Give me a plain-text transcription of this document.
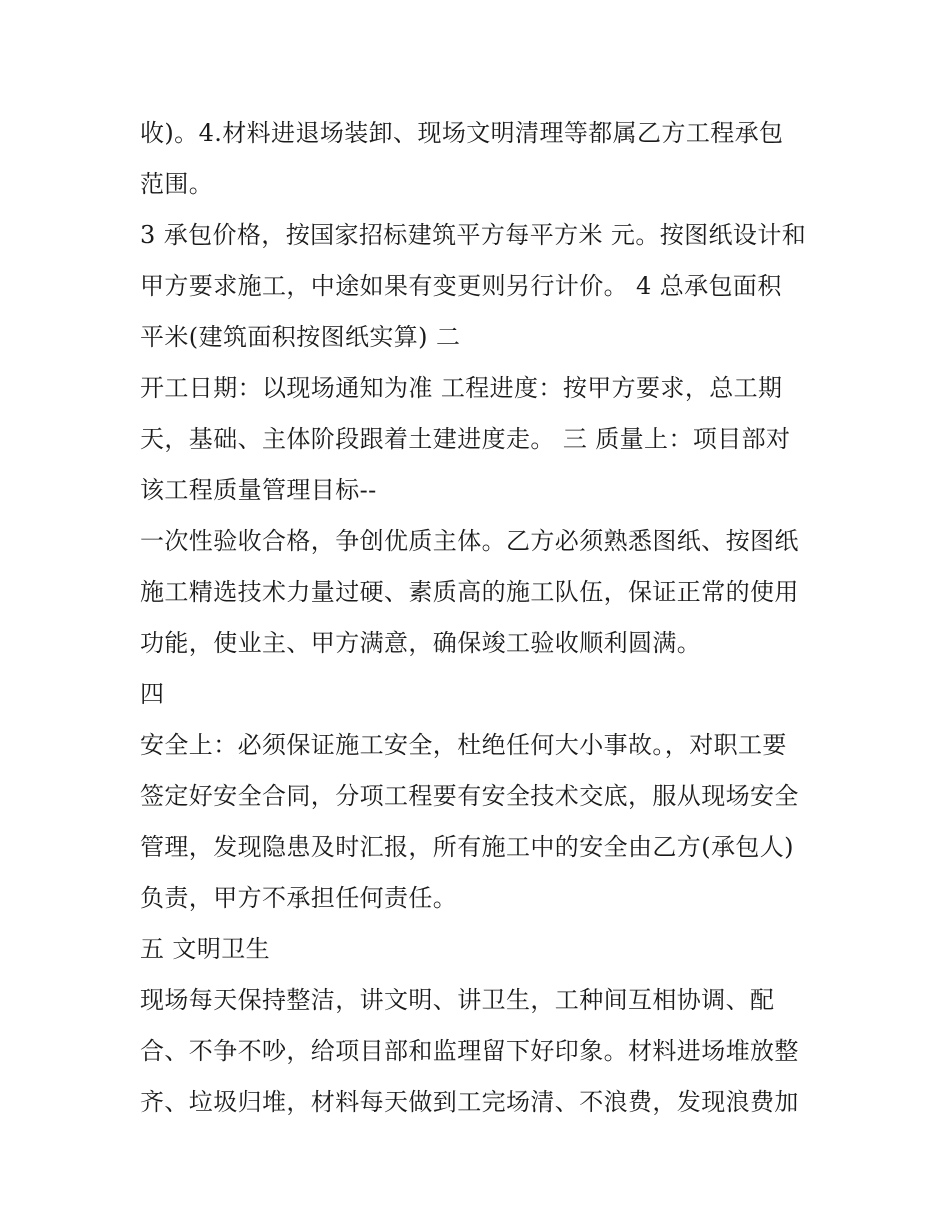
收)。4.材料进退场装卸、现场文明清理等都属乙方工程承包
范围。
3 承包价格，按国家招标建筑平方每平方米 元。按图纸设计和
甲方要求施工，中途如果有变更则另行计价。 4 总承包面积
平米(建筑面积按图纸实算) 二
开工日期：以现场通知为准 工程进度：按甲方要求，总工期
天，基础、主体阶段跟着土建进度走。 三 质量上：项目部对
该工程质量管理目标--
一次性验收合格，争创优质主体。乙方必须熟悉图纸、按图纸
施工精选技术力量过硬、素质高的施工队伍，保证正常的使用
功能，使业主、甲方满意，确保竣工验收顺利圆满。
四
安全上：必须保证施工安全，杜绝任何大小事故。，对职工要
签定好安全合同，分项工程要有安全技术交底，服从现场安全
管理，发现隐患及时汇报，所有施工中的安全由乙方(承包人)
负责，甲方不承担任何责任。
五 文明卫生
现场每天保持整洁，讲文明、讲卫生，工种间互相协调、配
合、不争不吵，给项目部和监理留下好印象。材料进场堆放整
齐、垃圾归堆，材料每天做到工完场清、不浪费，发现浪费加
